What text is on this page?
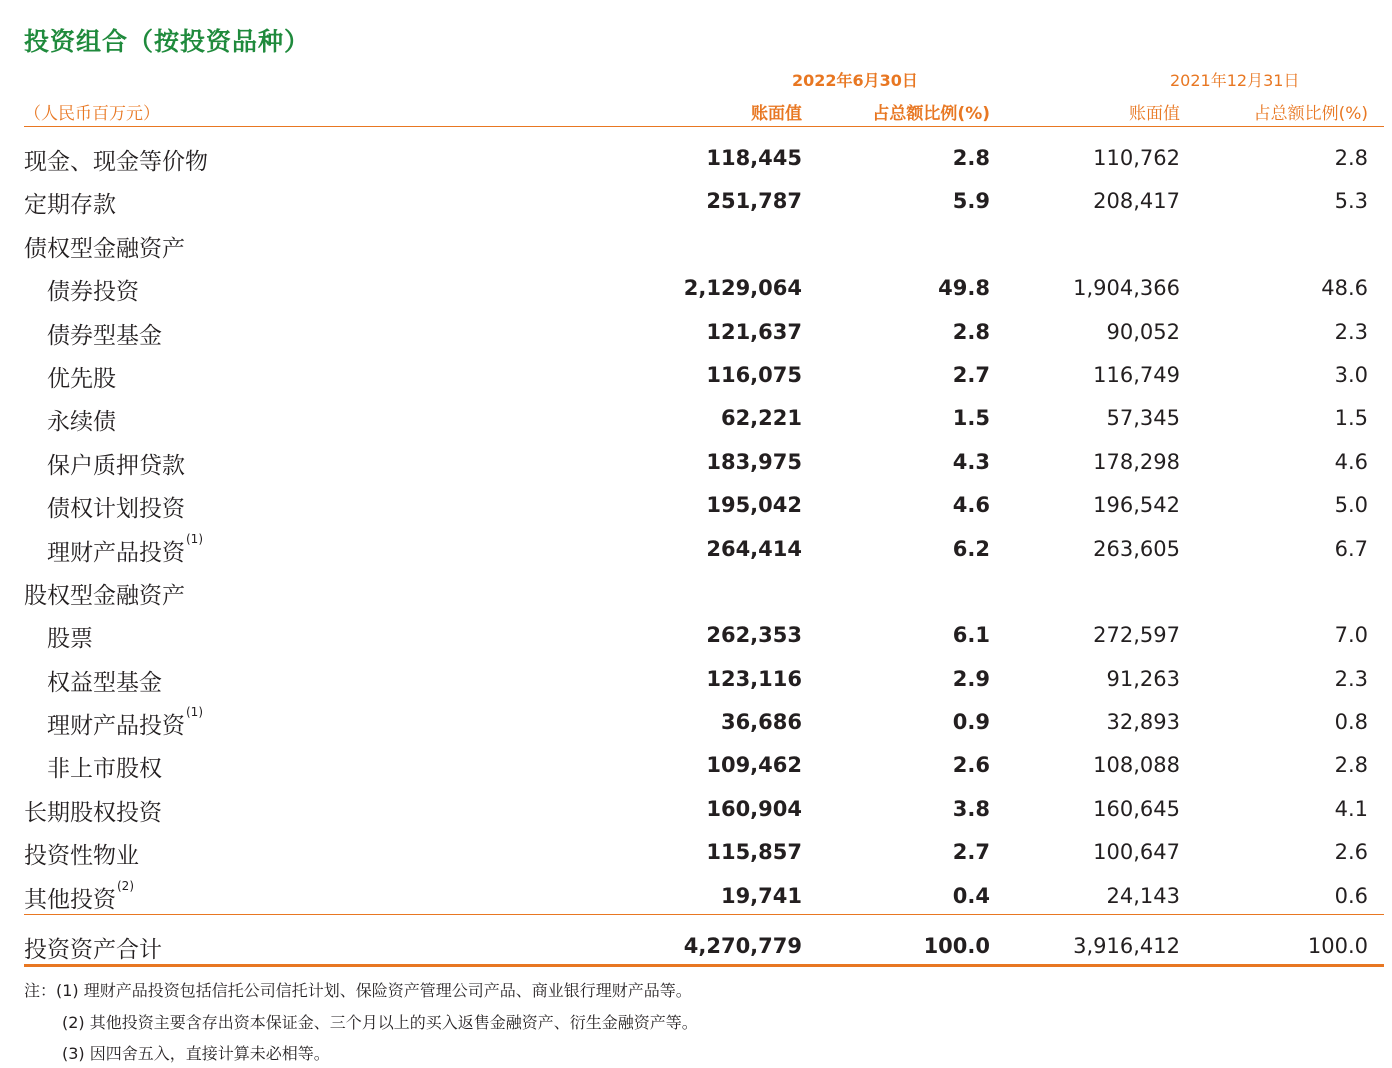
投资组合（按投资品种）
2022年6月30日	2021年12月31日
（人民币百万元）	账面值	占总额比例(%)	账面值	占总额比例(%)
现金、现金等价物	118,445	2.8	110,762	2.8
定期存款	251,787	5.9	208,417	5.3
债权型金融资产
债券投资	2,129,064	49.8	1,904,366	48.6
债券型基金	121,637	2.8	90,052	2.3
优先股	116,075	2.7	116,749	3.0
永续债	62,221	1.5	57,345	1.5
保户质押贷款	183,975	4.3	178,298	4.6
债权计划投资	195,042	4.6	196,542	5.0
理财产品投资$^{(1)}$	264,414	6.2	263,605	6.7
股权型金融资产
股票	262,353	6.1	272,597	7.0
权益型基金	123,116	2.9	91,263	2.3
理财产品投资$^{(1)}$	36,686	0.9	32,893	0.8
非上市股权	109,462	2.6	108,088	2.8
长期股权投资	160,904	3.8	160,645	4.1
投资性物业	115,857	2.7	100,647	2.6
其他投资$^{(2)}$	19,741	0.4	24,143	0.6
投资资产合计	4,270,779	100.0	3,916,412	100.0
注：(1) 理财产品投资包括信托公司信托计划、保险资产管理公司产品、商业银行理财产品等。
(2) 其他投资主要含存出资本保证金、三个月以上的买入返售金融资产、衍生金融资产等。
(3) 因四舍五入，直接计算未必相等。
